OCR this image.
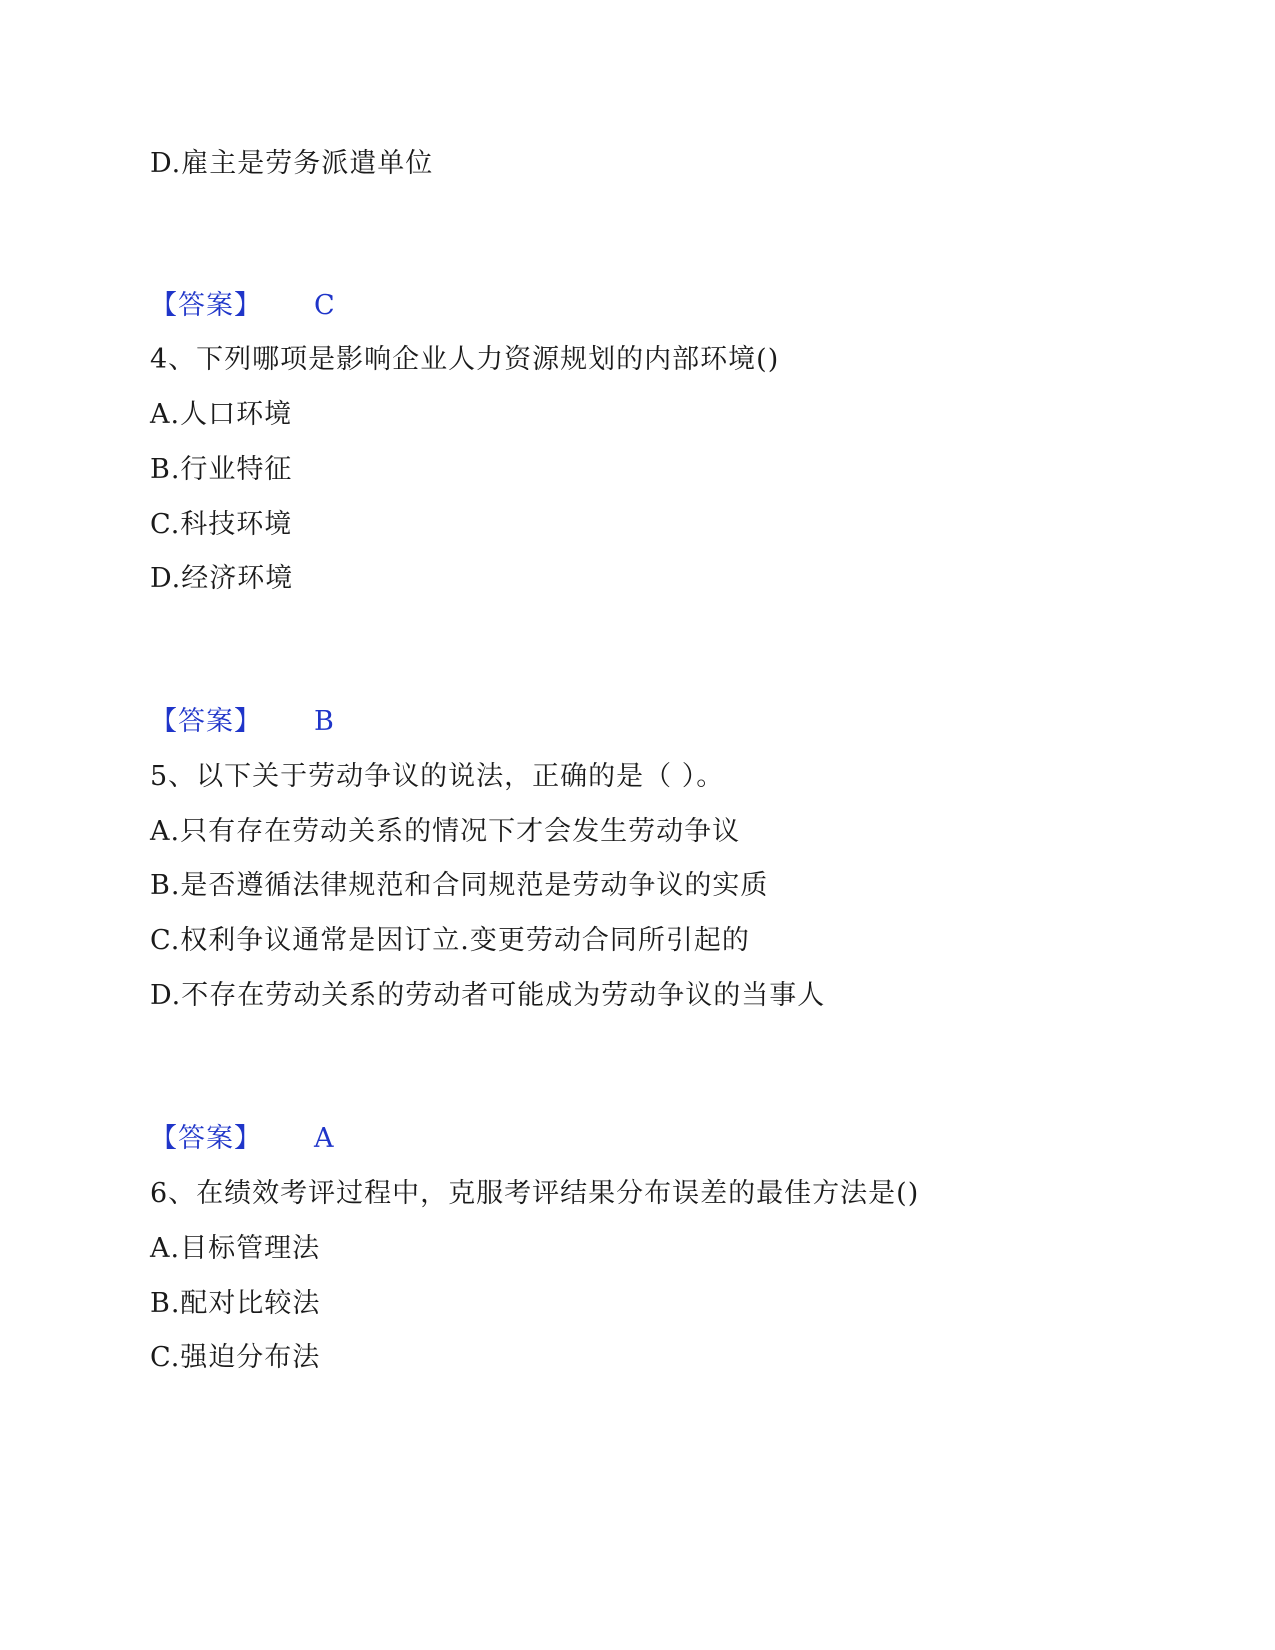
D.雇主是劳务派遣单位
【答案】 C
4、下列哪项是影响企业人力资源规划的内部环境()
A.人口环境
B.行业特征
C.科技环境
D.经济环境
【答案】 B
5、以下关于劳动争议的说法，正确的是（ ）。
A.只有存在劳动关系的情况下才会发生劳动争议
B.是否遵循法律规范和合同规范是劳动争议的实质
C.权利争议通常是因订立.变更劳动合同所引起的
D.不存在劳动关系的劳动者可能成为劳动争议的当事人
【答案】 A
6、在绩效考评过程中，克服考评结果分布误差的最佳方法是()
A.目标管理法
B.配对比较法
C.强迫分布法
